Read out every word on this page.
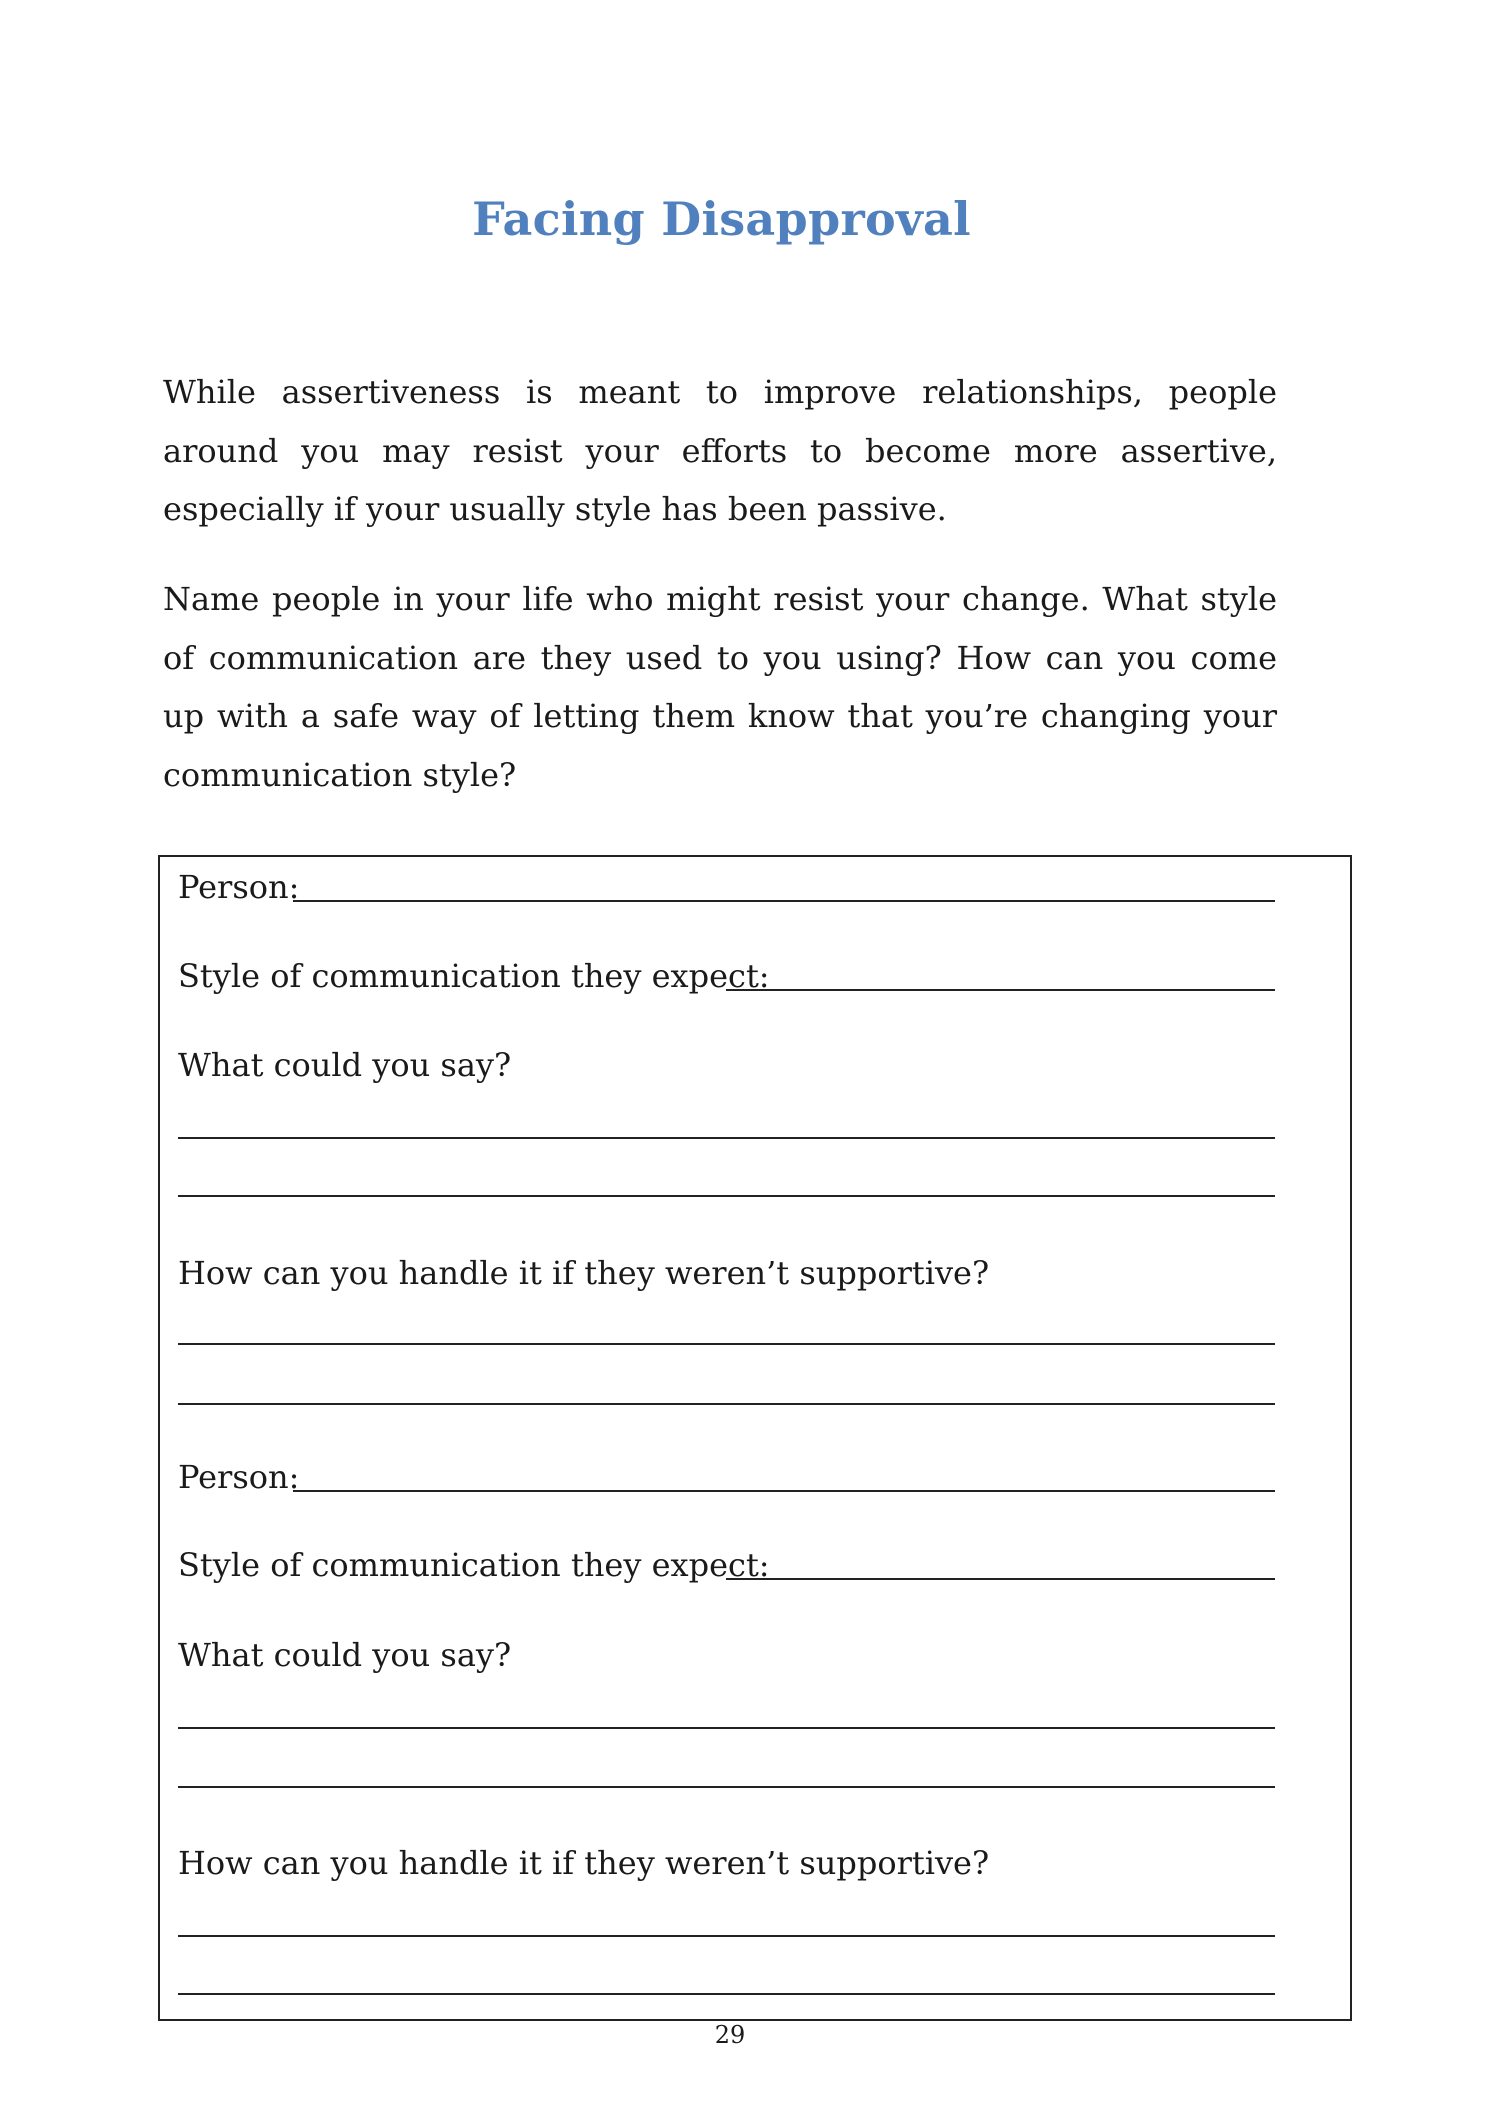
Facing Disapproval

While assertiveness is meant to improve relationships, people around you may resist your efforts to become more assertive, especially if your usually style has been passive.

Name people in your life who might resist your change. What style of communication are they used to you using? How can you come up with a safe way of letting them know that you’re changing your communication style?

Person:
Style of communication they expect:
What could you say?
How can you handle it if they weren’t supportive?
Person:
Style of communication they expect:
What could you say?
How can you handle it if they weren’t supportive?
29
